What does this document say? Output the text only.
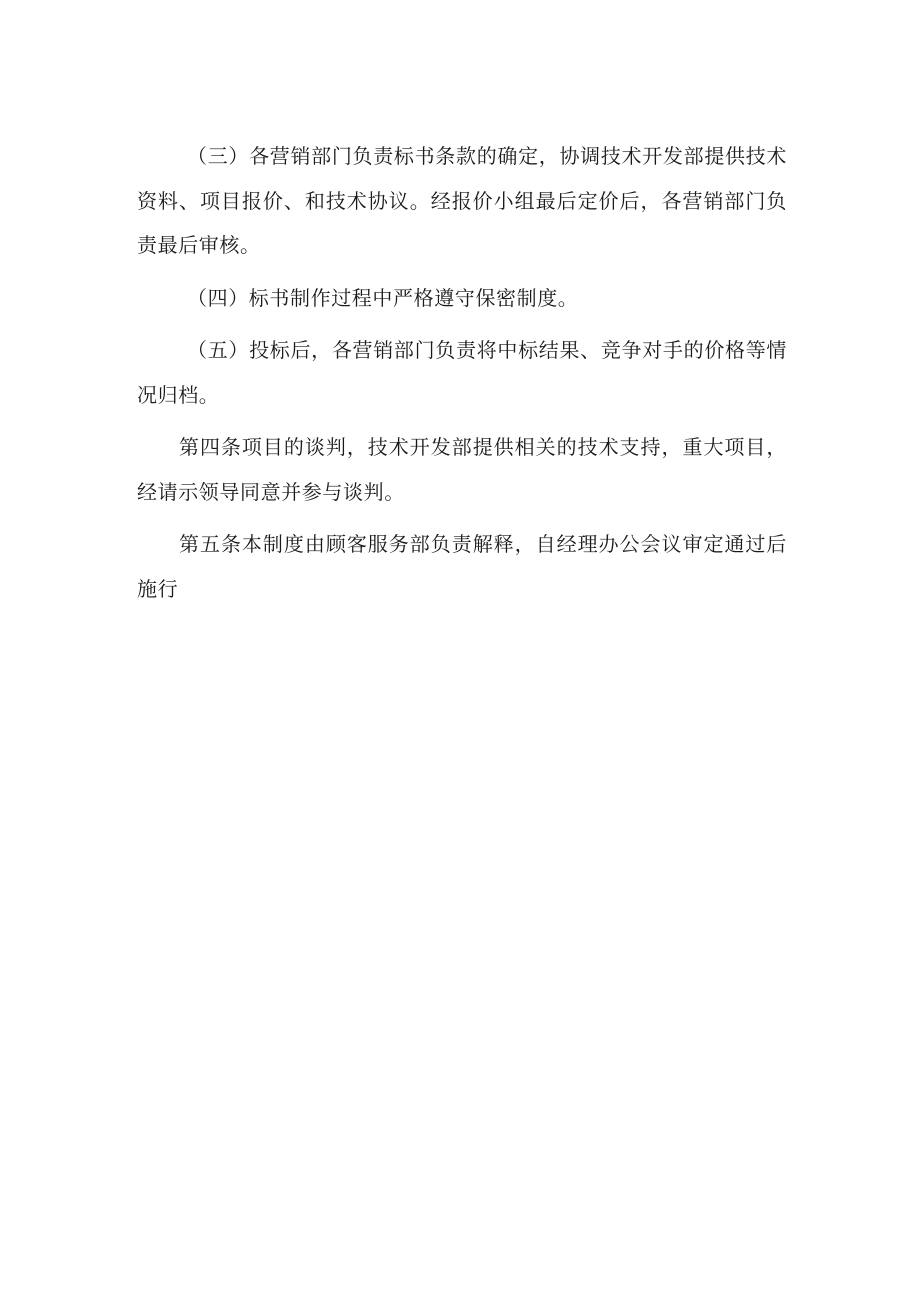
（三）各营销部门负责标书条款的确定，协调技术开发部提供技术资料、项目报价、和技术协议。经报价小组最后定价后，各营销部门负责最后审核。

（四）标书制作过程中严格遵守保密制度。

（五）投标后，各营销部门负责将中标结果、竞争对手的价格等情况归档。

第四条项目的谈判，技术开发部提供相关的技术支持，重大项目，经请示领导同意并参与谈判。

第五条本制度由顾客服务部负责解释，自经理办公会议审定通过后施行
